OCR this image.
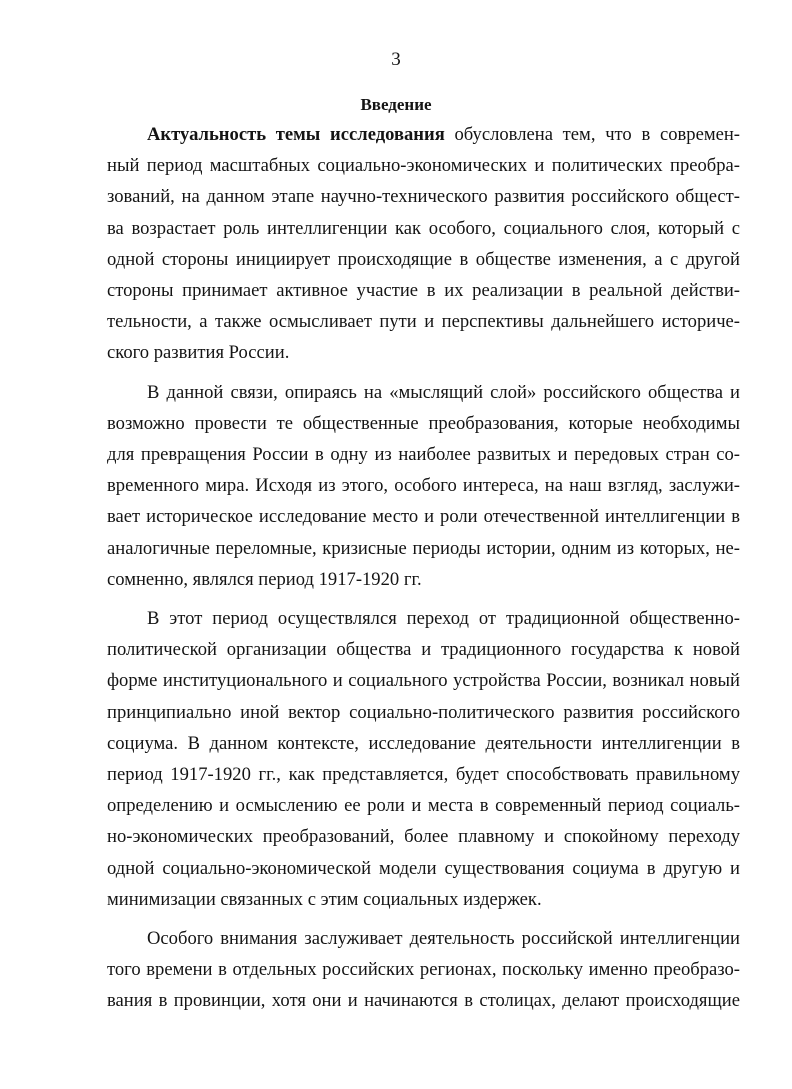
3
Введение
Актуальность темы исследования обусловлена тем, что в современ-
ный период масштабных социально-экономических и политических преобра-
зований, на данном этапе научно-технического развития российского общест-
ва возрастает роль интеллигенции как особого, социального слоя, который с
одной стороны инициирует происходящие в обществе изменения, а с другой
стороны принимает активное участие в их реализации в реальной действи-
тельности, а также осмысливает пути и перспективы дальнейшего историче-
ского развития России.
В данной связи, опираясь на «мыслящий слой» российского общества и
возможно провести те общественные преобразования, которые необходимы
для превращения России в одну из наиболее развитых и передовых стран со-
временного мира. Исходя из этого, особого интереса, на наш взгляд, заслужи-
вает историческое исследование место и роли отечественной интеллигенции в
аналогичные переломные, кризисные периоды истории, одним из которых, не-
сомненно, являлся период 1917-1920 гг.
В этот период осуществлялся переход от традиционной общественно-
политической организации общества и традиционного государства к новой
форме институционального и социального устройства России, возникал новый
принципиально иной вектор социально-политического развития российского
социума. В данном контексте, исследование деятельности интеллигенции в
период 1917-1920 гг., как представляется, будет способствовать правильному
определению и осмыслению ее роли и места в современный период социаль-
но-экономических преобразований, более плавному и спокойному переходу
одной социально-экономической модели существования социума в другую и
минимизации связанных с этим социальных издержек.
Особого внимания заслуживает деятельность российской интеллигенции
того времени в отдельных российских регионах, поскольку именно преобразо-
вания в провинции, хотя они и начинаются в столицах, делают происходящие
